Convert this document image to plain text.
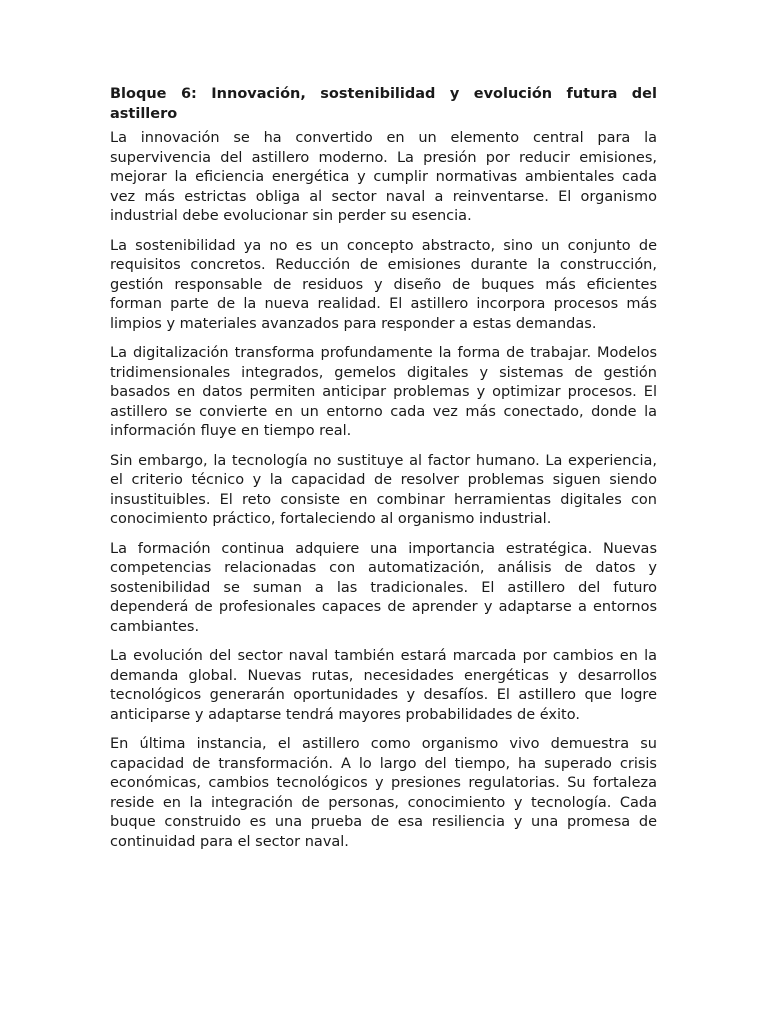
Bloque 6: Innovación, sostenibilidad y evolución futura del astillero

La innovación se ha convertido en un elemento central para la supervivencia del astillero moderno. La presión por reducir emisiones, mejorar la eficiencia energética y cumplir normativas ambientales cada vez más estrictas obliga al sector naval a reinventarse. El organismo industrial debe evolucionar sin perder su esencia.

La sostenibilidad ya no es un concepto abstracto, sino un conjunto de requisitos concretos. Reducción de emisiones durante la construcción, gestión responsable de residuos y diseño de buques más eficientes forman parte de la nueva realidad. El astillero incorpora procesos más limpios y materiales avanzados para responder a estas demandas.

La digitalización transforma profundamente la forma de trabajar. Modelos tridimensionales integrados, gemelos digitales y sistemas de gestión basados en datos permiten anticipar problemas y optimizar procesos. El astillero se convierte en un entorno cada vez más conectado, donde la información fluye en tiempo real.

Sin embargo, la tecnología no sustituye al factor humano. La experiencia, el criterio técnico y la capacidad de resolver problemas siguen siendo insustituibles. El reto consiste en combinar herramientas digitales con conocimiento práctico, fortaleciendo al organismo industrial.

La formación continua adquiere una importancia estratégica. Nuevas competencias relacionadas con automatización, análisis de datos y sostenibilidad se suman a las tradicionales. El astillero del futuro dependerá de profesionales capaces de aprender y adaptarse a entornos cambiantes.

La evolución del sector naval también estará marcada por cambios en la demanda global. Nuevas rutas, necesidades energéticas y desarrollos tecnológicos generarán oportunidades y desafíos. El astillero que logre anticiparse y adaptarse tendrá mayores probabilidades de éxito.

En última instancia, el astillero como organismo vivo demuestra su capacidad de transformación. A lo largo del tiempo, ha superado crisis económicas, cambios tecnológicos y presiones regulatorias. Su fortaleza reside en la integración de personas, conocimiento y tecnología. Cada buque construido es una prueba de esa resiliencia y una promesa de continuidad para el sector naval.
